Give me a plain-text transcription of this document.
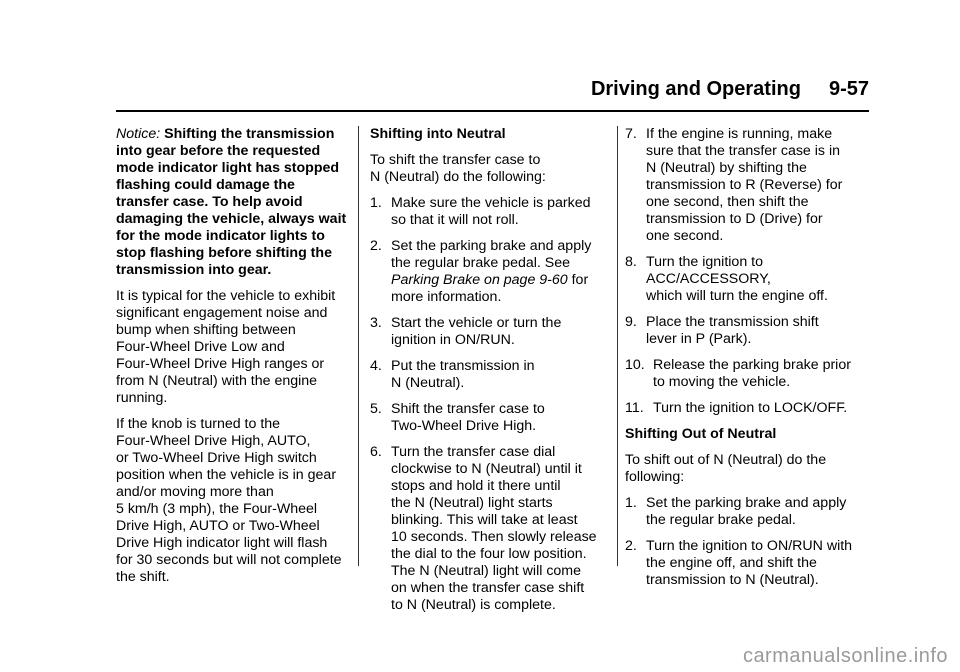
Driving and Operating 9-57

Notice: Shifting the transmission
into gear before the requested
mode indicator light has stopped
flashing could damage the
transfer case. To help avoid
damaging the vehicle, always wait
for the mode indicator lights to
stop flashing before shifting the
transmission into gear.

It is typical for the vehicle to exhibit
significant engagement noise and
bump when shifting between
Four‑Wheel Drive Low and
Four‑Wheel Drive High ranges or
from N (Neutral) with the engine
running.

If the knob is turned to the
Four‑Wheel Drive High, AUTO,
or Two‑Wheel Drive High switch
position when the vehicle is in gear
and/or moving more than
5 km/h (3 mph), the Four‑Wheel
Drive High, AUTO or Two‑Wheel
Drive High indicator light will flash
for 30 seconds but will not complete
the shift.

Shifting into Neutral

To shift the transfer case to
N (Neutral) do the following:

1. Make sure the vehicle is parked
so that it will not roll.
2. Set the parking brake and apply
the regular brake pedal. See
Parking Brake on page 9‑60 for
more information.
3. Start the vehicle or turn the
ignition in ON/RUN.
4. Put the transmission in
N (Neutral).
5. Shift the transfer case to
Two‑Wheel Drive High.
6. Turn the transfer case dial
clockwise to N (Neutral) until it
stops and hold it there until
the N (Neutral) light starts
blinking. This will take at least
10 seconds. Then slowly release
the dial to the four low position.
The N (Neutral) light will come
on when the transfer case shift
to N (Neutral) is complete.
7. If the engine is running, make
sure that the transfer case is in
N (Neutral) by shifting the
transmission to R (Reverse) for
one second, then shift the
transmission to D (Drive) for
one second.
8. Turn the ignition to
ACC/ACCESSORY,
which will turn the engine off.
9. Place the transmission shift
lever in P (Park).
10. Release the parking brake prior
to moving the vehicle.
11. Turn the ignition to LOCK/OFF.
Shifting Out of Neutral

To shift out of N (Neutral) do the
following:

1. Set the parking brake and apply
the regular brake pedal.
2. Turn the ignition to ON/RUN with
the engine off, and shift the
transmission to N (Neutral).
carmanualsonline.info
